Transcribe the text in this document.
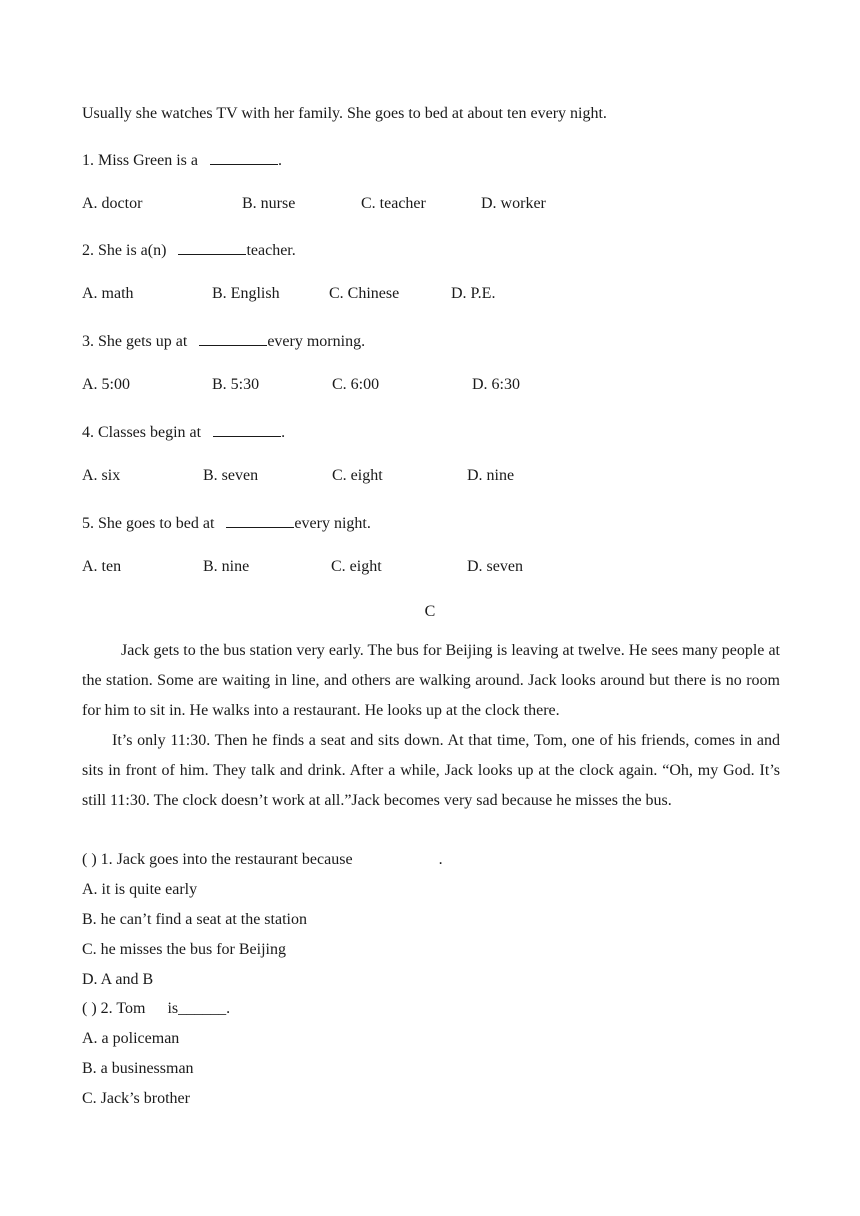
Usually she watches TV with her family. She goes to bed at about ten every night.
1. Miss Green is a	.
A. doctor	B. nurse	C. teacher	D. worker
2. She is a(n)	teacher.
A. math	B. English	C. Chinese	D. P.E.
3. She gets up at	every morning.
A. 5:00	B. 5:30	C. 6:00	D. 6:30
4. Classes begin at	.
A. six	B. seven	C. eight	D. nine
5. She goes to bed at	every night.
A. ten	B. nine	C. eight	D. seven
C
Jack gets to the bus station very early. The bus for Beijing is leaving at twelve. He sees many people at the station. Some are waiting in line, and others are walking around. Jack looks around but there is no room for him to sit in. He walks into a restaurant. He looks up at the clock there.
It’s only 11:30. Then he finds a seat and sits down. At that time, Tom, one of his friends, comes in and sits in front of him. They talk and drink. After a while, Jack looks up at the clock again. “Oh, my God. It’s still 11:30. The clock doesn’t work at all.”Jack becomes very sad because he misses the bus.
( ) 1. Jack goes into the restaurant because	.
A. it is quite early
B. he can’t find a seat at the station
C. he misses the bus for Beijing
D. A and B
( ) 2. Tom is______.
A. a policeman
B. a businessman
C. Jack’s brother
